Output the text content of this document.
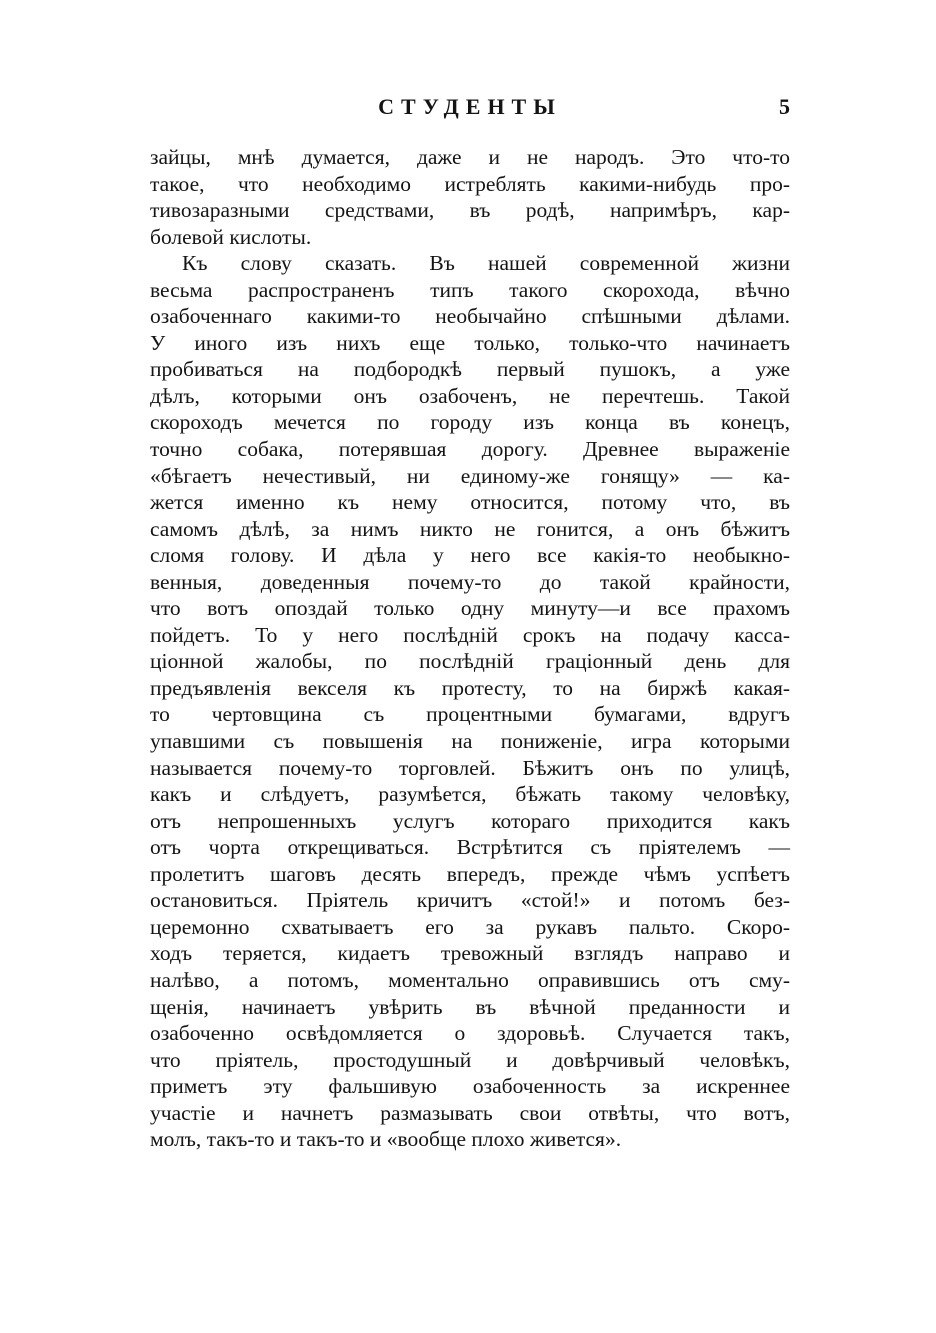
СТУДЕНТЫ	5
зайцы, мнѣ думается, даже и не народъ. Это что-то
такое, что необходимо истреблять какими-нибудь про-
тивозаразными средствами, въ родѣ, напримѣръ, кар-
болевой кислоты.
Къ слову сказать. Въ нашей современной жизни
весьма распространенъ типъ такого скорохода, вѣчно
озабоченнаго какими-то необычайно спѣшными дѣлами.
У иного изъ нихъ еще только, только-что начинаетъ
пробиваться на подбородкѣ первый пушокъ, а уже
дѣлъ, которыми онъ озабоченъ, не перечтешь. Такой
скороходъ мечется по городу изъ конца въ конецъ,
точно собака, потерявшая дорогу. Древнее выраженіе
«бѣгаетъ нечестивый, ни единому-же гонящу» — ка-
жется именно къ нему относится, потому что, въ
самомъ дѣлѣ, за нимъ никто не гонится, а онъ бѣжитъ
сломя голову. И дѣла у него все какія-то необыкно-
венныя, доведенныя почему-то до такой крайности,
что вотъ опоздай только одну минуту—и все прахомъ
пойдетъ. То у него послѣдній срокъ на подачу касса-
ціонной жалобы, по послѣдній граціонный день для
предъявленія векселя къ протесту, то на биржѣ какая-
то чертовщина съ процентными бумагами, вдругъ
упавшими съ повышенія на пониженіе, игра которыми
называется почему-то торговлей. Бѣжитъ онъ по улицѣ,
какъ и слѣдуетъ, разумѣется, бѣжать такому человѣку,
отъ непрошенныхъ услугъ котораго приходится какъ
отъ чорта открещиваться. Встрѣтится съ пріятелемъ —
пролетитъ шаговъ десять впередъ, прежде чѣмъ успѣетъ
остановиться. Пріятель кричитъ «стой!» и потомъ без-
церемонно схватываетъ его за рукавъ пальто. Скоро-
ходъ теряется, кидаетъ тревожный взглядъ направо и
налѣво, а потомъ, моментально оправившись отъ сму-
щенія, начинаетъ увѣрить въ вѣчной преданности и
озабоченно освѣдомляется о здоровьѣ. Случается такъ,
что пріятель, простодушный и довѣрчивый человѣкъ,
приметъ эту фальшивую озабоченность за искреннее
участіе и начнетъ размазывать свои отвѣты, что вотъ,
молъ, такъ-то и такъ-то и «вообще плохо живется».
